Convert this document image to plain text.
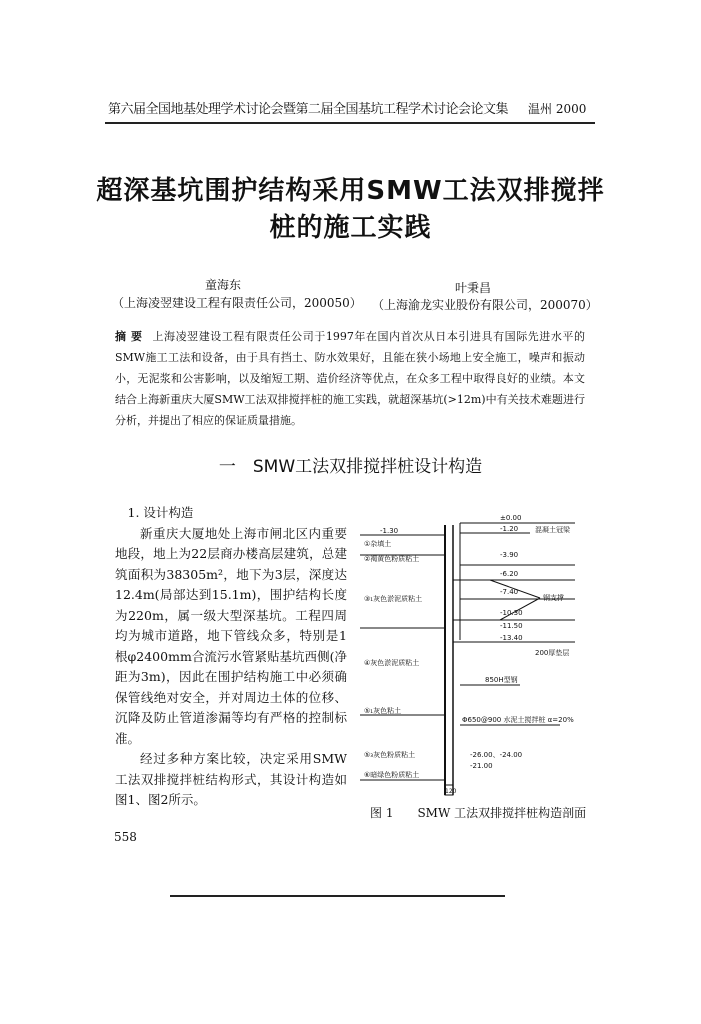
第六届全国地基处理学术讨论会暨第二届全国基坑工程学术讨论会论文集 温州 2000
超深基坑围护结构采用SMW工法双排搅拌
桩的施工实践
童海东
（上海凌翌建设工程有限责任公司，200050）
叶秉昌
（上海渝龙实业股份有限公司，200070）
摘 要 上海凌翌建设工程有限责任公司于1997年在国内首次从日本引进具有国际先进水平的SMW施工工法和设备，由于具有挡土、防水效果好，且能在狭小场地上安全施工，噪声和振动小，无泥浆和公害影响，以及缩短工期、造价经济等优点，在众多工程中取得良好的业绩。本文结合上海新重庆大厦SMW工法双排搅拌桩的施工实践，就超深基坑(>12m)中有关技术难题进行分析，并提出了相应的保证质量措施。
一　SMW工法双排搅拌桩设计构造

1. 设计构造

新重庆大厦地处上海市闸北区内重要地段，地上为22层商办楼高层建筑，总建筑面积为38305m²，地下为3层，深度达12.4m(局部达到15.1m)，围护结构长度为220m，属一级大型深基坑。工程四周均为城市道路，地下管线众多，特别是1根φ2400mm合流污水管紧贴基坑西侧(净距为3m)，因此在围护结构施工中必须确保管线绝对安全，并对周边土体的位移、沉降及防止管道渗漏等均有严格的控制标准。

经过多种方案比较，决定采用SMW工法双排搅拌桩结构形式，其设计构造如图1、图2所示。

-1.30
±0.00
-1.20
-3.90
-6.20
-7.40
-10.30
-11.50
-13.40
混凝土冠梁
钢支撑
200厚垫层
850H型钢
Φ650@900 水泥土搅拌桩 α=20%
-26.00、-24.00
-21.00
120
①杂填土
②褐黄色粉质粘土
③₁灰色淤泥质粘土
④灰色淤泥质粘土
⑤₁灰色粘土
⑤₃灰色粉质粘土
⑥暗绿色粉质粘土
图 1　　SMW 工法双排搅拌桩构造剖面
558
